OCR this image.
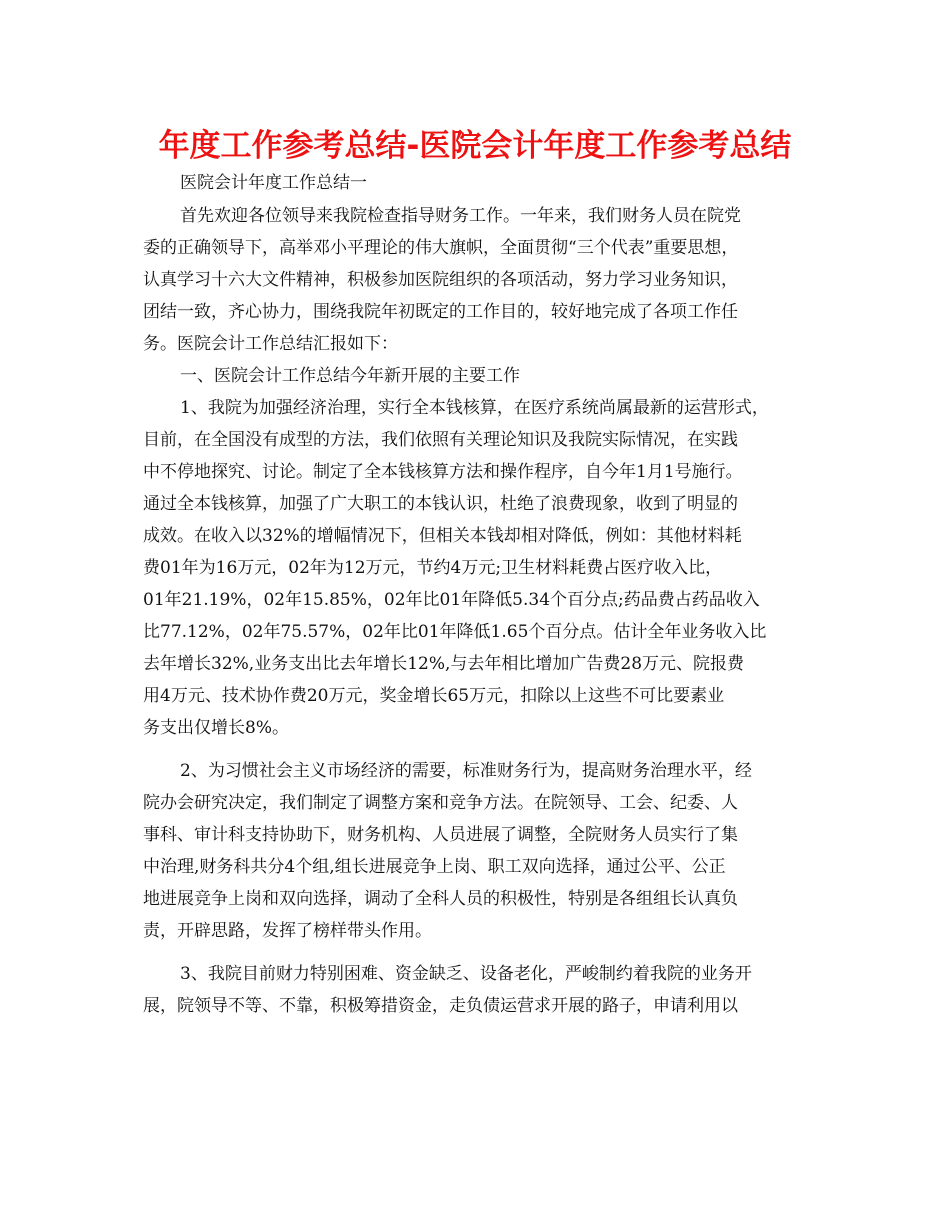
年度工作参考总结-医院会计年度工作参考总结
医院会计年度工作总结一
首先欢迎各位领导来我院检查指导财务工作。一年来，我们财务人员在院党
委的正确领导下，高举邓小平理论的伟大旗帜，全面贯彻“三个代表”重要思想，
认真学习十六大文件精神，积极参加医院组织的各项活动，努力学习业务知识，
团结一致，齐心协力，围绕我院年初既定的工作目的，较好地完成了各项工作任
务。医院会计工作总结汇报如下：
一、医院会计工作总结今年新开展的主要工作
1、我院为加强经济治理，实行全本钱核算，在医疗系统尚属最新的运营形式，
目前，在全国没有成型的方法，我们依照有关理论知识及我院实际情况，在实践
中不停地探究、讨论。制定了全本钱核算方法和操作程序，自今年1月1号施行。
通过全本钱核算，加强了广大职工的本钱认识，杜绝了浪费现象，收到了明显的
成效。在收入以32%的增幅情况下，但相关本钱却相对降低，例如：其他材料耗
费01年为16万元，02年为12万元，节约4万元;卫生材料耗费占医疗收入比，
01年21.19%，02年15.85%，02年比01年降低5.34个百分点;药品费占药品收入
比77.12%，02年75.57%，02年比01年降低1.65个百分点。估计全年业务收入比
去年增长32%,业务支出比去年增长12%,与去年相比增加广告费28万元、院报费
用4万元、技术协作费20万元，奖金增长65万元，扣除以上这些不可比要素业
务支出仅增长8%。
2、为习惯社会主义市场经济的需要，标准财务行为，提高财务治理水平，经
院办会研究决定，我们制定了调整方案和竞争方法。在院领导、工会、纪委、人
事科、审计科支持协助下，财务机构、人员进展了调整，全院财务人员实行了集
中治理,财务科共分4个组,组长进展竞争上岗、职工双向选择，通过公平、公正
地进展竞争上岗和双向选择，调动了全科人员的积极性，特别是各组组长认真负
责，开辟思路，发挥了榜样带头作用。
3、我院目前财力特别困难、资金缺乏、设备老化，严峻制约着我院的业务开
展，院领导不等、不靠，积极筹措资金，走负债运营求开展的路子，申请利用以
